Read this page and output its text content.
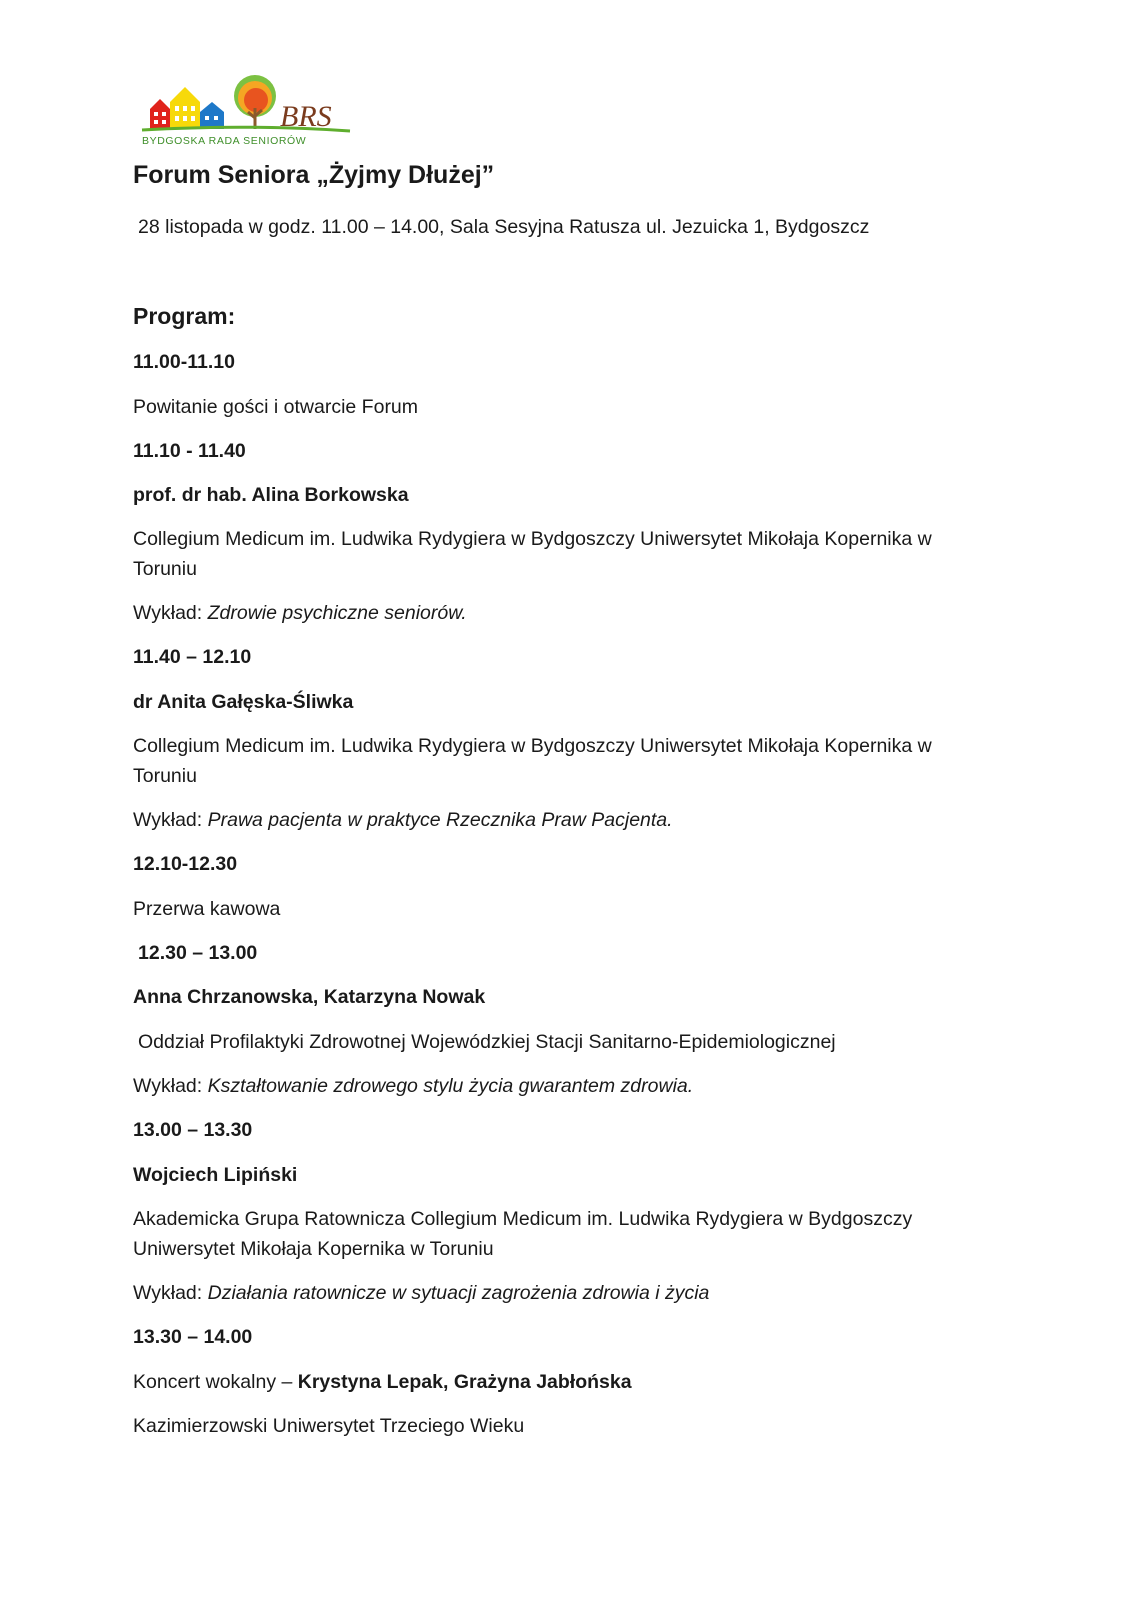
BRS
BYDGOSKA RADA SENIORÓW
Forum Seniora „Żyjmy Dłużej”
28 listopada w godz. 11.00 – 14.00, Sala Sesyjna Ratusza ul. Jezuicka 1, Bydgoszcz
Program:
11.00-11.10
Powitanie gości i otwarcie Forum
11.10 - 11.40
prof. dr hab. Alina Borkowska
Collegium Medicum im. Ludwika Rydygiera w Bydgoszczy Uniwersytet Mikołaja Kopernika w Toruniu
Wykład: Zdrowie psychiczne seniorów.
11.40 – 12.10
dr Anita Gałęska-Śliwka
Collegium Medicum im. Ludwika Rydygiera w Bydgoszczy Uniwersytet Mikołaja Kopernika w Toruniu
Wykład: Prawa pacjenta w praktyce Rzecznika Praw Pacjenta.
12.10-12.30
Przerwa kawowa
12.30 – 13.00
Anna Chrzanowska, Katarzyna Nowak
Oddział Profilaktyki Zdrowotnej Wojewódzkiej Stacji Sanitarno-Epidemiologicznej
Wykład: Kształtowanie zdrowego stylu życia gwarantem zdrowia.
13.00 – 13.30
Wojciech Lipiński
Akademicka Grupa Ratownicza Collegium Medicum im. Ludwika Rydygiera w Bydgoszczy Uniwersytet Mikołaja Kopernika w Toruniu
Wykład: Działania ratownicze w sytuacji zagrożenia zdrowia i życia
13.30 – 14.00
Koncert wokalny – Krystyna Lepak, Grażyna Jabłońska
Kazimierzowski Uniwersytet Trzeciego Wieku
